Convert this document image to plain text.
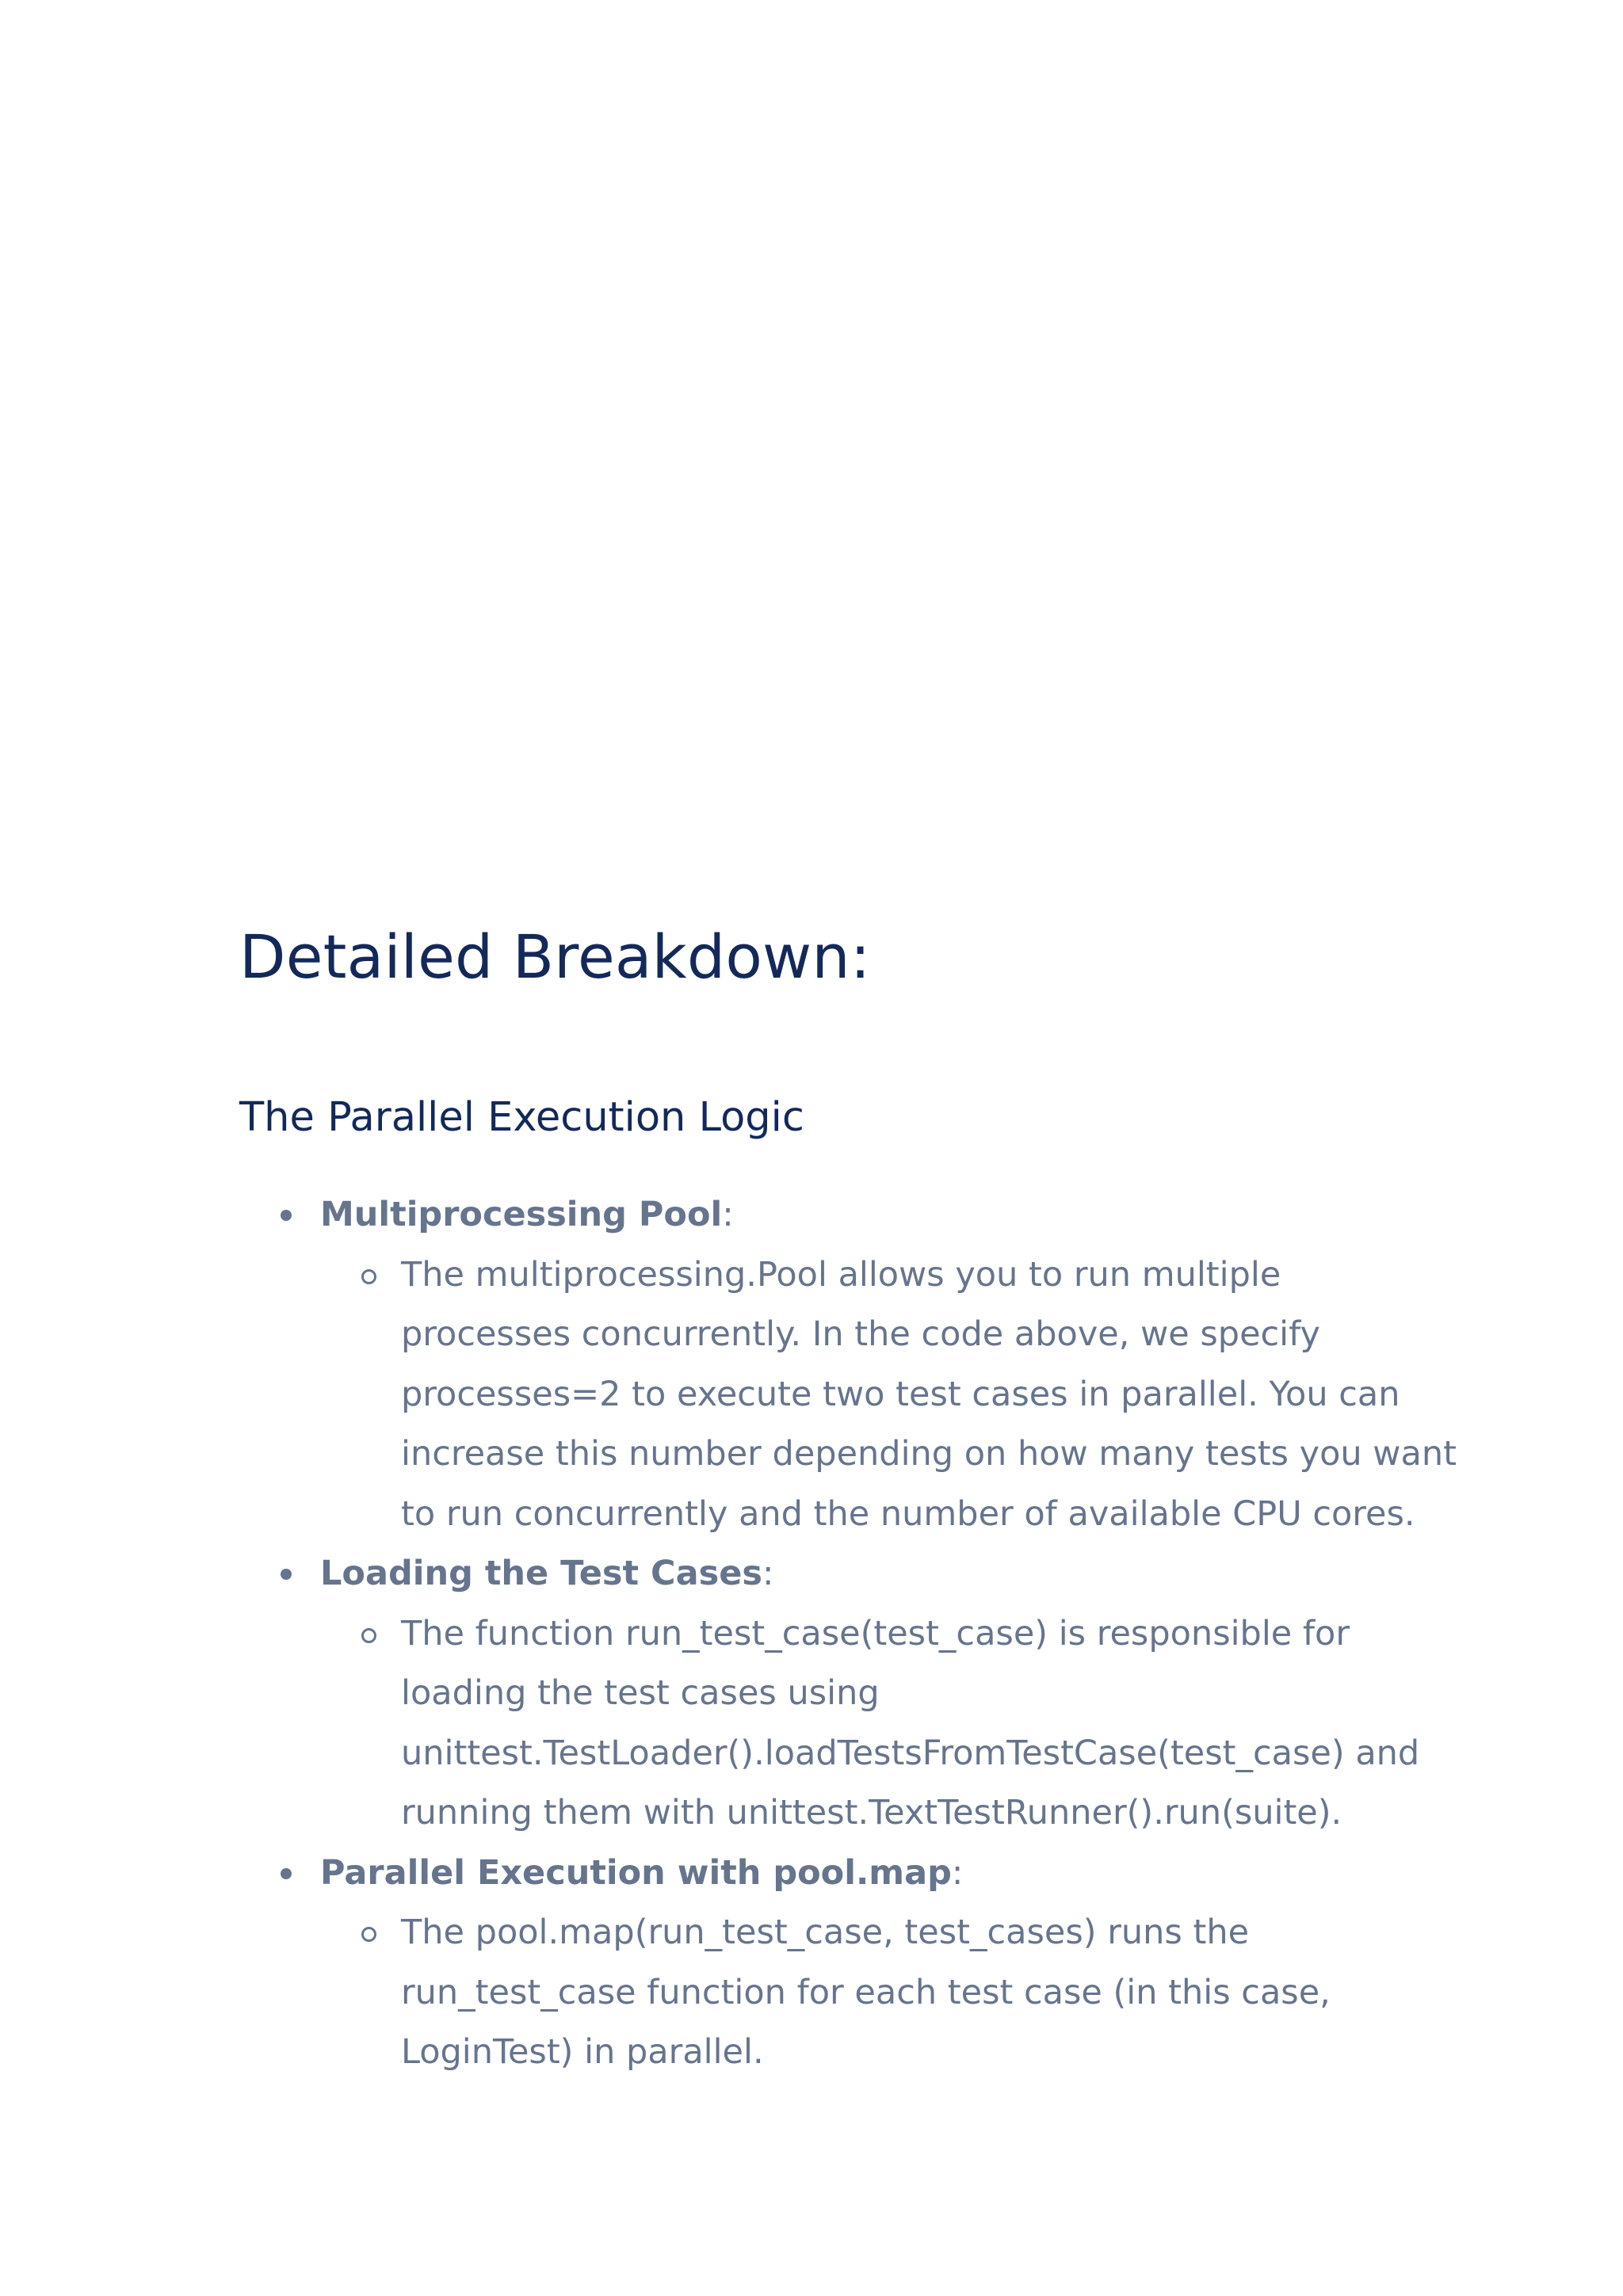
Detailed Breakdown:
The Parallel Execution Logic
Multiprocessing Pool:
The multiprocessing.Pool allows you to run multiple processes concurrently. In the code above, we specify processes=2 to execute two test cases in parallel. You can increase this number depending on how many tests you want to run concurrently and the number of available CPU cores.
Loading the Test Cases:
The function run_test_case(test_case) is responsible for loading the test cases using unittest.TestLoader().loadTestsFromTestCase(test_case) and running them with unittest.TextTestRunner().run(suite).
Parallel Execution with pool.map:
The pool.map(run_test_case, test_cases) runs the run_test_case function for each test case (in this case, LoginTest) in parallel.
